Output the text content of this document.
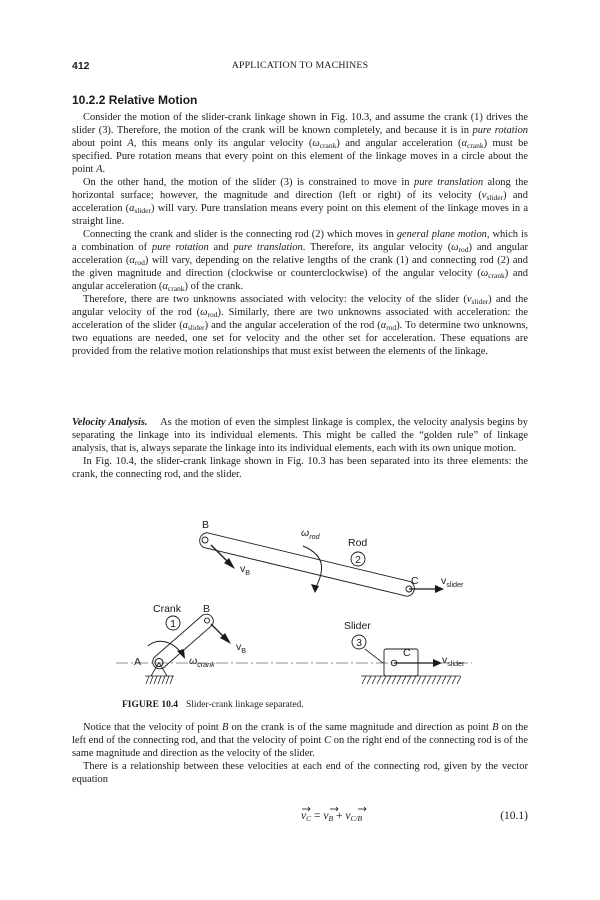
412	APPLICATION TO MACHINES
10.2.2 Relative Motion

Consider the motion of the slider-crank linkage shown in Fig. 10.3, and assume the crank (1) drives the slider (3). Therefore, the motion of the crank will be known completely, and because it is in pure rotation about point A, this means only its angular velocity $(\omega_{crank})$ and angular acceleration $(\alpha_{crank})$ must be specified. Pure rotation means that every point on this element of the linkage moves in a circle about the point A.

On the other hand, the motion of the slider (3) is constrained to move in pure translation along the horizontal surface; however, the magnitude and direction (left or right) of its velocity $(v_{slider})$ and acceleration $(a_{slider})$ will vary. Pure translation means every point on this element of the linkage moves in a straight line.

Connecting the crank and slider is the connecting rod (2) which moves in general plane motion, which is a combination of pure rotation and pure translation. Therefore, its angular velocity $(\omega_{rod})$ and angular acceleration $(\alpha_{rod})$ will vary, depending on the relative lengths of the crank (1) and connecting rod (2) and the given magnitude and direction (clockwise or counterclockwise) of the angular velocity $(\omega_{crank})$ and angular acceleration $(\alpha_{crank})$ of the crank.

Therefore, there are two unknowns associated with velocity: the velocity of the slider $(v_{slider})$ and the angular velocity of the rod $(\omega_{rod})$. Similarly, there are two unknowns associated with acceleration: the acceleration of the slider $(a_{slider})$ and the angular acceleration of the rod $(\alpha_{rod})$. To determine two unknowns, two equations are needed, one set for velocity and the other set for acceleration. These equations are provided from the relative motion relationships that must exist between the elements of the linkage.

Velocity Analysis. As the motion of even the simplest linkage is complex, the velocity analysis begins by separating the linkage into its individual elements. This might be called the “golden rule” of linkage analysis, that is, always separate the linkage into its individual elements, each with its own unique motion.

In Fig. 10.4, the slider-crank linkage shown in Fig. 10.3 has been separated into its three elements: the crank, the connecting rod, and the slider.

B
$\omega_{rod}$
Rod
2
$v_B$
C $v_{slider}$
Crank B
1
A	$\omega_{crank}$
$v_B$
Slider
3
C
$v_{slider}$
FIGURE 10.4 Slider-crank linkage separated.

Notice that the velocity of point B on the crank is of the same magnitude and direction as point B on the left end of the connecting rod, and that the velocity of point C on the right end of the connecting rod is of the same magnitude and direction as the velocity of the slider.

There is a relationship between these velocities at each end of the connecting rod, given by the vector equation

$v_C = v_B + v_{C/B}$	(10.1)
